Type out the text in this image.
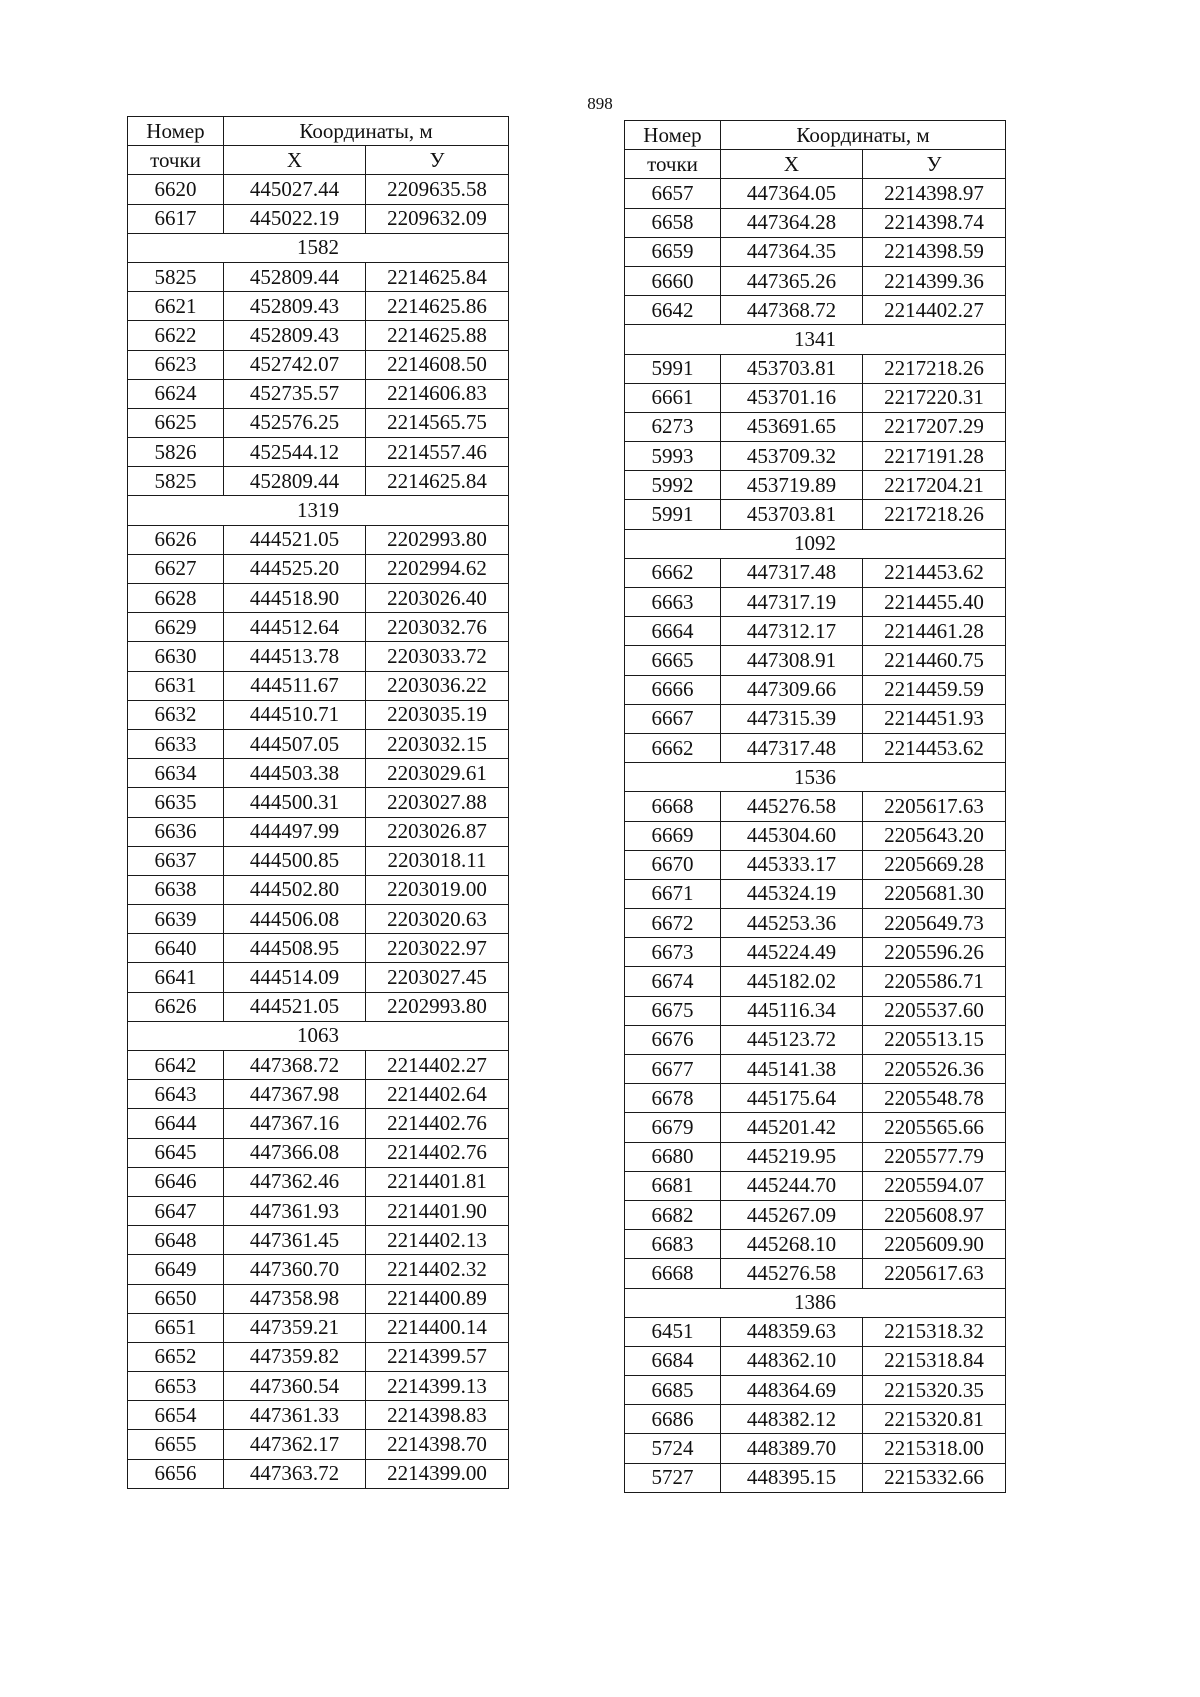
898
Номер	Координаты, м	
точки	Х	У
6620	445027.44	2209635.58
6617	445022.19	2209632.09
1582		
5825	452809.44	2214625.84
6621	452809.43	2214625.86
6622	452809.43	2214625.88
6623	452742.07	2214608.50
6624	452735.57	2214606.83
6625	452576.25	2214565.75
5826	452544.12	2214557.46
5825	452809.44	2214625.84
1319		
6626	444521.05	2202993.80
6627	444525.20	2202994.62
6628	444518.90	2203026.40
6629	444512.64	2203032.76
6630	444513.78	2203033.72
6631	444511.67	2203036.22
6632	444510.71	2203035.19
6633	444507.05	2203032.15
6634	444503.38	2203029.61
6635	444500.31	2203027.88
6636	444497.99	2203026.87
6637	444500.85	2203018.11
6638	444502.80	2203019.00
6639	444506.08	2203020.63
6640	444508.95	2203022.97
6641	444514.09	2203027.45
6626	444521.05	2202993.80
1063		
6642	447368.72	2214402.27
6643	447367.98	2214402.64
6644	447367.16	2214402.76
6645	447366.08	2214402.76
6646	447362.46	2214401.81
6647	447361.93	2214401.90
6648	447361.45	2214402.13
6649	447360.70	2214402.32
6650	447358.98	2214400.89
6651	447359.21	2214400.14
6652	447359.82	2214399.57
6653	447360.54	2214399.13
6654	447361.33	2214398.83
6655	447362.17	2214398.70
6656	447363.72	2214399.00
Номер	Координаты, м	
точки	Х	У
6657	447364.05	2214398.97
6658	447364.28	2214398.74
6659	447364.35	2214398.59
6660	447365.26	2214399.36
6642	447368.72	2214402.27
1341		
5991	453703.81	2217218.26
6661	453701.16	2217220.31
6273	453691.65	2217207.29
5993	453709.32	2217191.28
5992	453719.89	2217204.21
5991	453703.81	2217218.26
1092		
6662	447317.48	2214453.62
6663	447317.19	2214455.40
6664	447312.17	2214461.28
6665	447308.91	2214460.75
6666	447309.66	2214459.59
6667	447315.39	2214451.93
6662	447317.48	2214453.62
1536		
6668	445276.58	2205617.63
6669	445304.60	2205643.20
6670	445333.17	2205669.28
6671	445324.19	2205681.30
6672	445253.36	2205649.73
6673	445224.49	2205596.26
6674	445182.02	2205586.71
6675	445116.34	2205537.60
6676	445123.72	2205513.15
6677	445141.38	2205526.36
6678	445175.64	2205548.78
6679	445201.42	2205565.66
6680	445219.95	2205577.79
6681	445244.70	2205594.07
6682	445267.09	2205608.97
6683	445268.10	2205609.90
6668	445276.58	2205617.63
1386		
6451	448359.63	2215318.32
6684	448362.10	2215318.84
6685	448364.69	2215320.35
6686	448382.12	2215320.81
5724	448389.70	2215318.00
5727	448395.15	2215332.66
